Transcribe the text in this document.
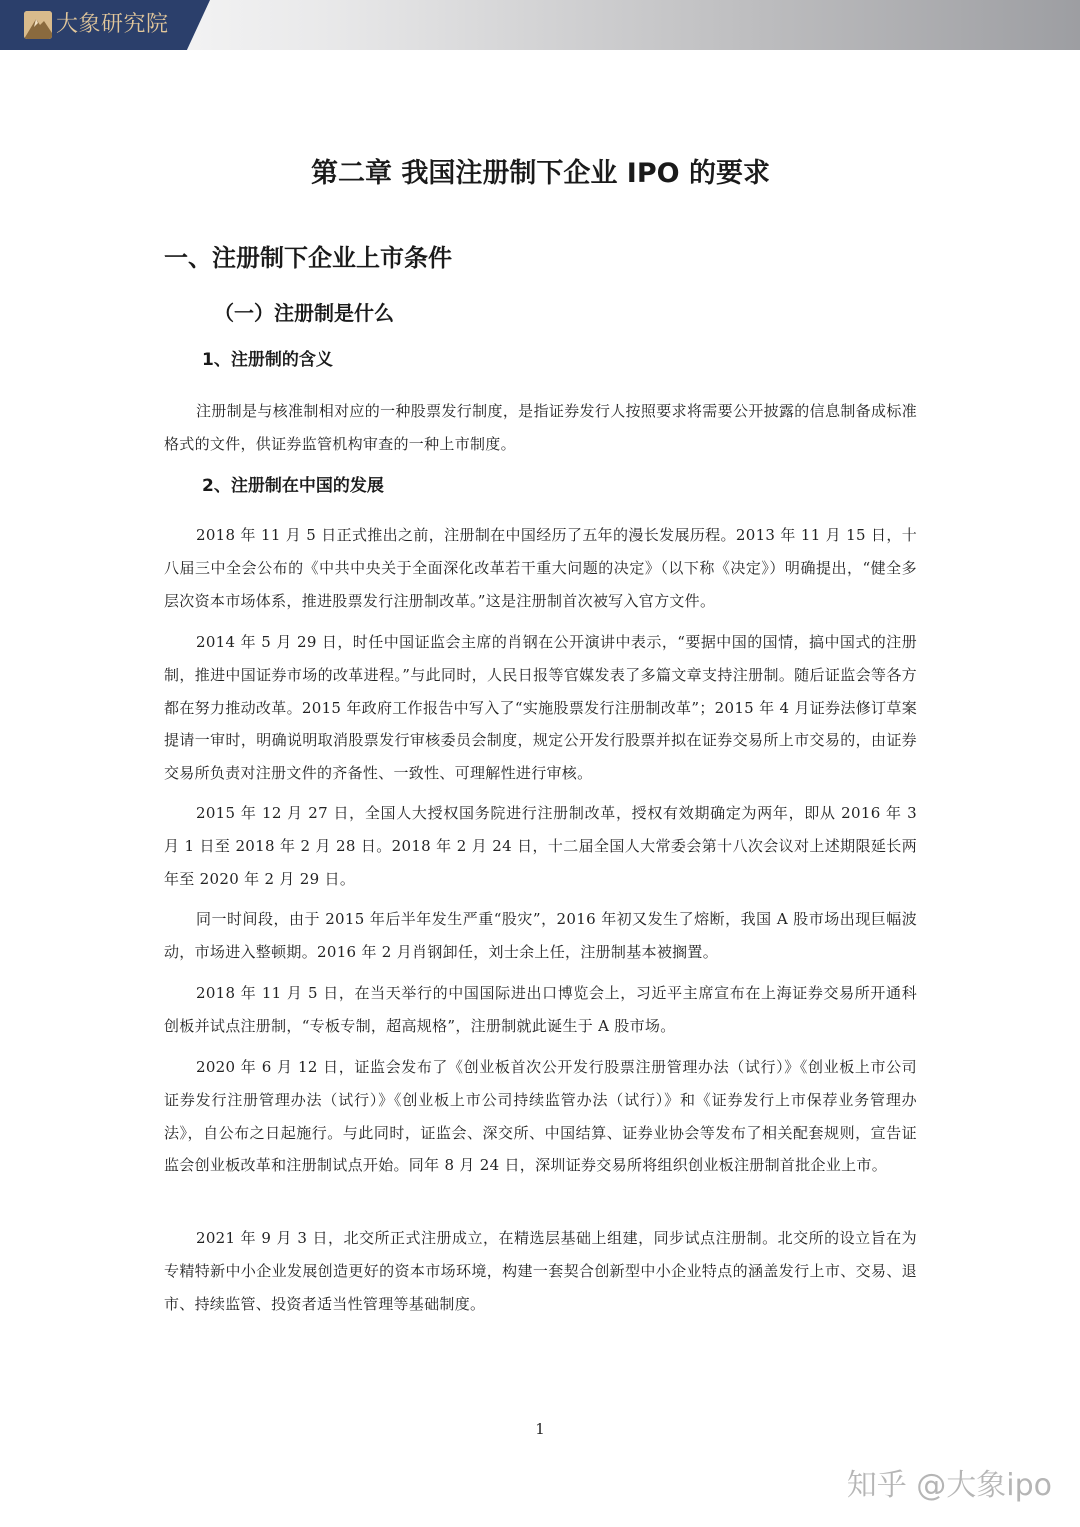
大象研究院
第二章 我国注册制下企业 IPO 的要求
一、注册制下企业上市条件
（一）注册制是什么
1、注册制的含义

注册制是与核准制相对应的一种股票发行制度，是指证券发行人按照要求将需要公开披露的信息制备成标准格式的文件，供证券监管机构审查的一种上市制度。

2、注册制在中国的发展

2018 年 11 月 5 日正式推出之前，注册制在中国经历了五年的漫长发展历程。2013 年 11 月 15 日，十八届三中全会公布的《中共中央关于全面深化改革若干重大问题的决定》（以下称《决定》）明确提出，“健全多层次资本市场体系，推进股票发行注册制改革。”这是注册制首次被写入官方文件。

2014 年 5 月 29 日，时任中国证监会主席的肖钢在公开演讲中表示，“要据中国的国情，搞中国式的注册制，推进中国证券市场的改革进程。”与此同时，人民日报等官媒发表了多篇文章支持注册制。随后证监会等各方都在努力推动改革。2015 年政府工作报告中写入了“实施股票发行注册制改革”；2015 年 4 月证券法修订草案提请一审时，明确说明取消股票发行审核委员会制度，规定公开发行股票并拟在证券交易所上市交易的，由证券交易所负责对注册文件的齐备性、一致性、可理解性进行审核。

2015 年 12 月 27 日，全国人大授权国务院进行注册制改革，授权有效期确定为两年，即从 2016 年 3 月 1 日至 2018 年 2 月 28 日。2018 年 2 月 24 日，十二届全国人大常委会第十八次会议对上述期限延长两年至 2020 年 2 月 29 日。

同一时间段，由于 2015 年后半年发生严重“股灾”，2016 年初又发生了熔断，我国 A 股市场出现巨幅波动，市场进入整顿期。2016 年 2 月肖钢卸任，刘士余上任，注册制基本被搁置。

2018 年 11 月 5 日，在当天举行的中国国际进出口博览会上，习近平主席宣布在上海证券交易所开通科创板并试点注册制，“专板专制，超高规格”，注册制就此诞生于 A 股市场。

2020 年 6 月 12 日，证监会发布了《创业板首次公开发行股票注册管理办法（试行）》《创业板上市公司证券发行注册管理办法（试行）》《创业板上市公司持续监管办法（试行）》和《证券发行上市保荐业务管理办法》，自公布之日起施行。与此同时，证监会、深交所、中国结算、证券业协会等发布了相关配套规则，宣告证监会创业板改革和注册制试点开始。同年 8 月 24 日，深圳证券交易所将组织创业板注册制首批企业上市。

2021 年 9 月 3 日，北交所正式注册成立，在精选层基础上组建，同步试点注册制。北交所的设立旨在为专精特新中小企业发展创造更好的资本市场环境，构建一套契合创新型中小企业特点的涵盖发行上市、交易、退市、持续监管、投资者适当性管理等基础制度。

1
知乎 @大象ipo
